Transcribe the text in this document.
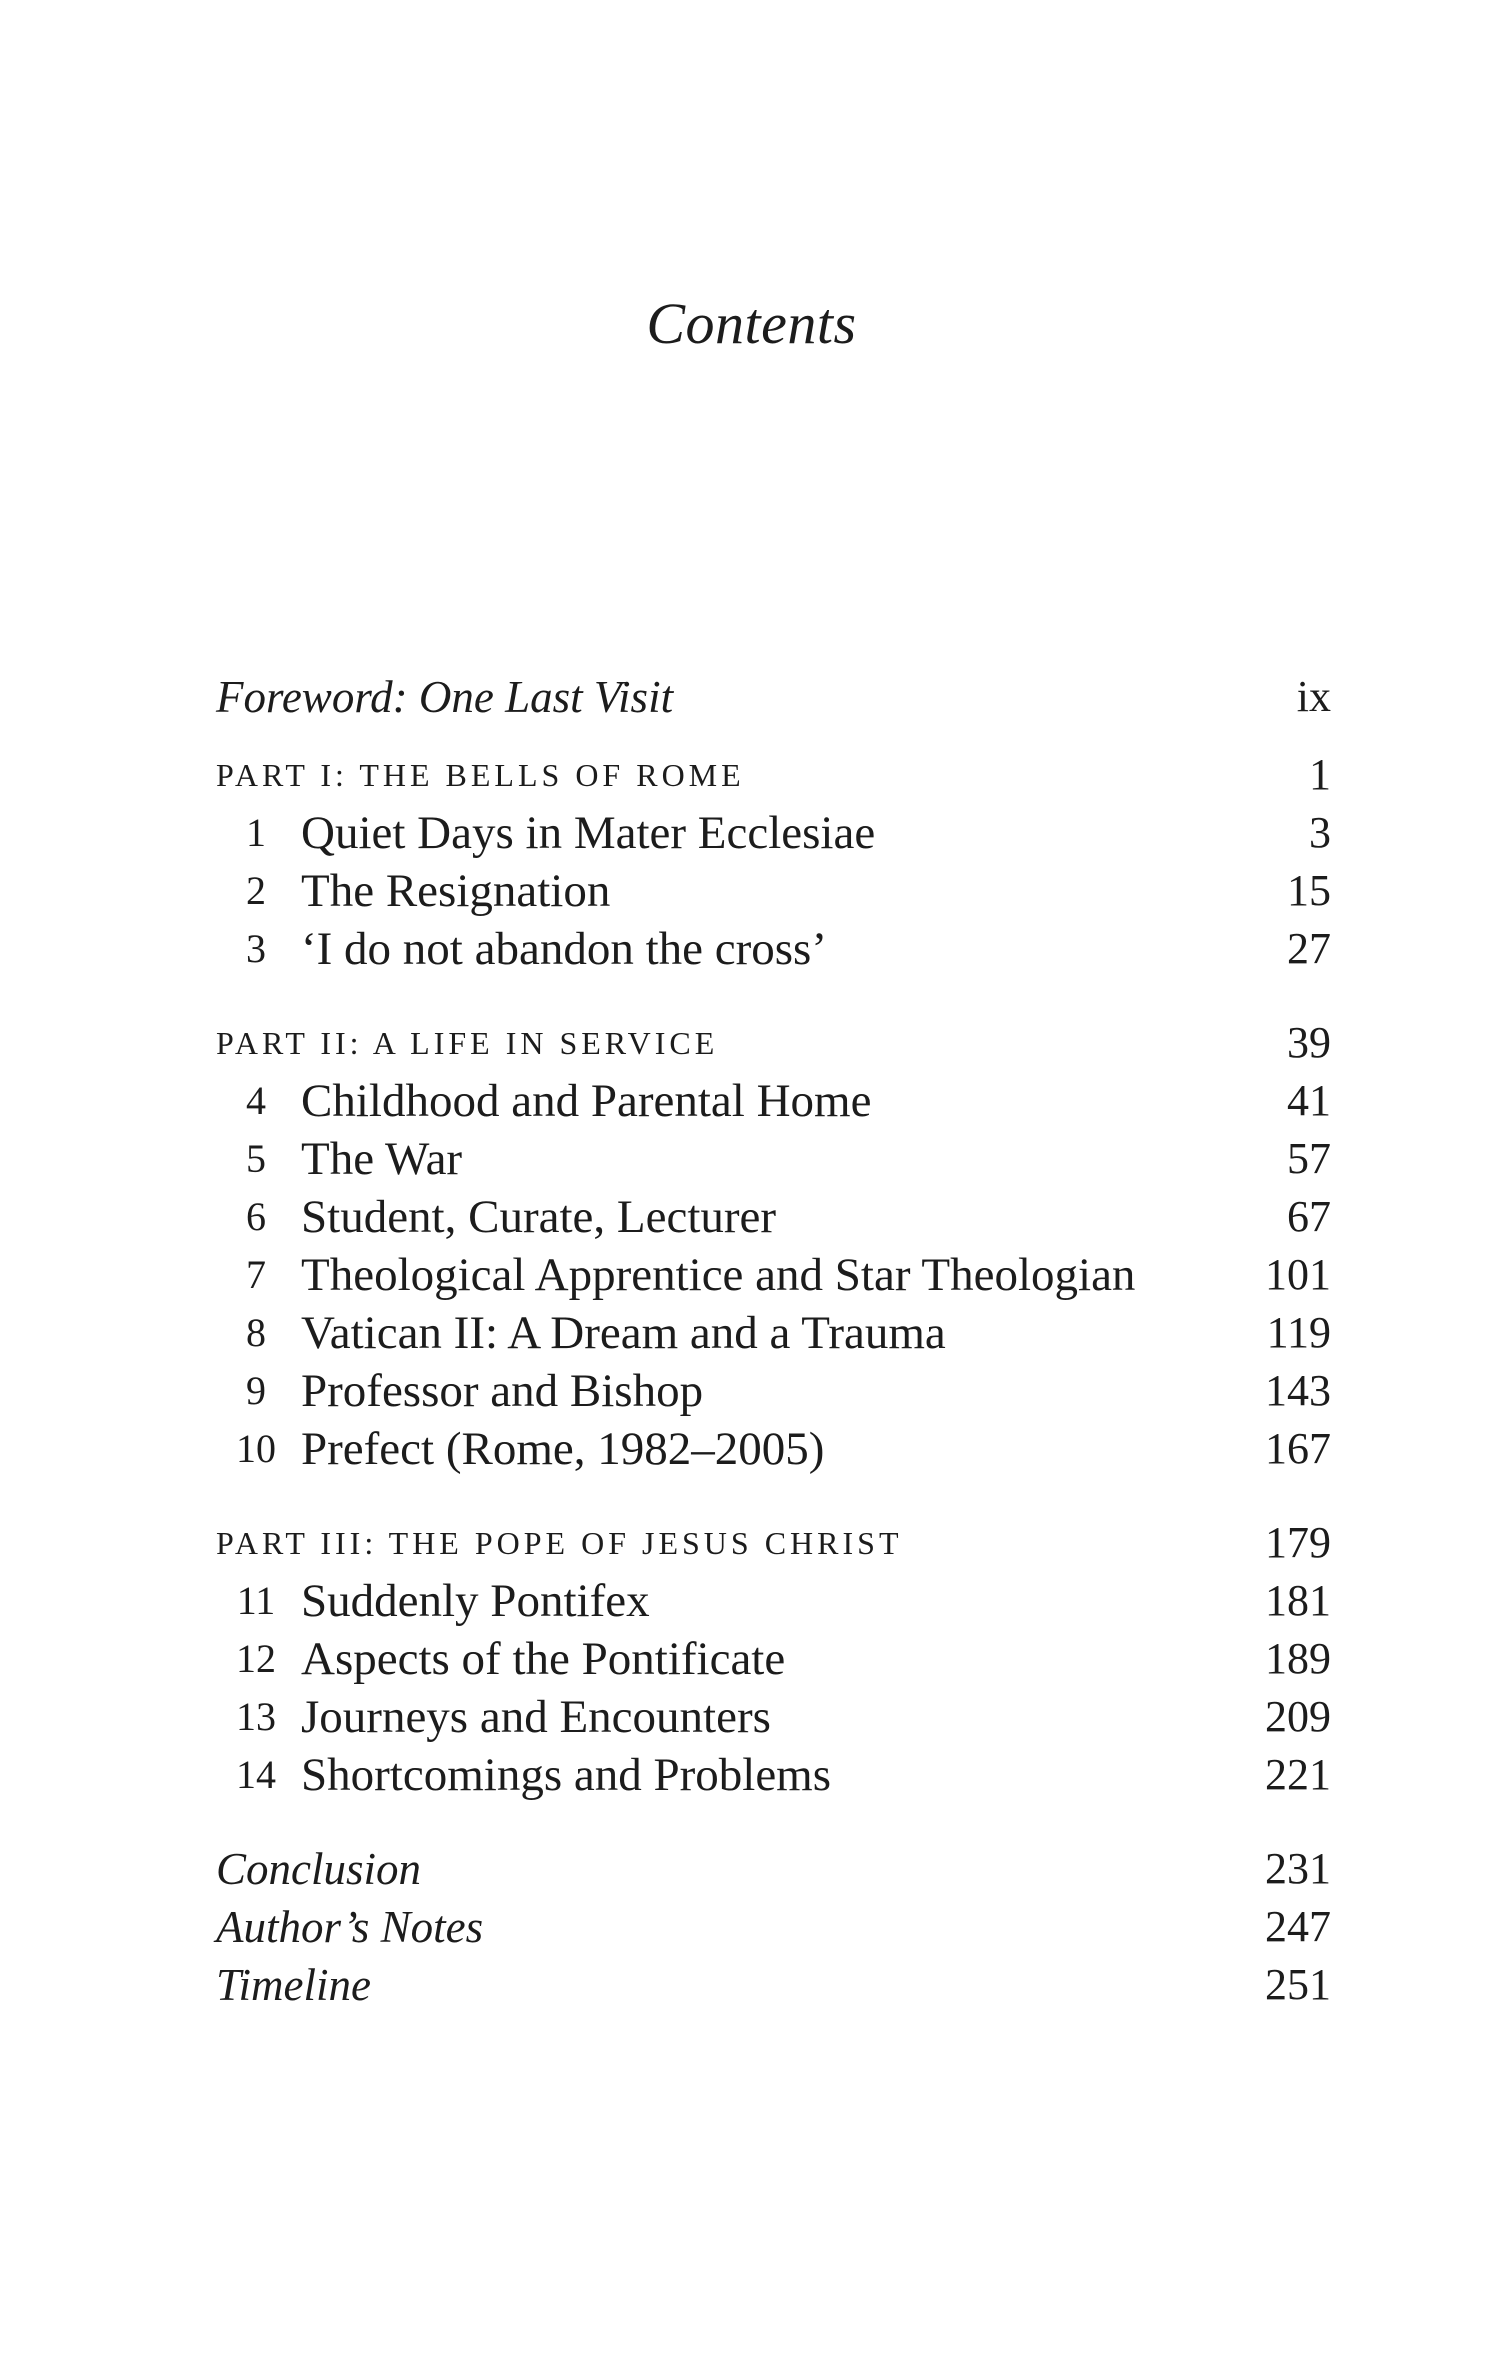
Contents
Foreword: One Last Visit	ix
PART I: THE BELLS OF ROME	1
1 Quiet Days in Mater Ecclesiae	3
2 The Resignation	15
3 ‘I do not abandon the cross’	27
PART II: A LIFE IN SERVICE	39
4 Childhood and Parental Home	41
5 The War	57
6 Student, Curate, Lecturer	67
7 Theological Apprentice and Star Theologian	101
8 Vatican II: A Dream and a Trauma	119
9 Professor and Bishop	143
10 Prefect (Rome, 1982–2005)	167
PART III: THE POPE OF JESUS CHRIST	179
11 Suddenly Pontifex	181
12 Aspects of the Pontificate	189
13 Journeys and Encounters	209
14 Shortcomings and Problems	221
Conclusion	231
Author’s Notes	247
Timeline	251
